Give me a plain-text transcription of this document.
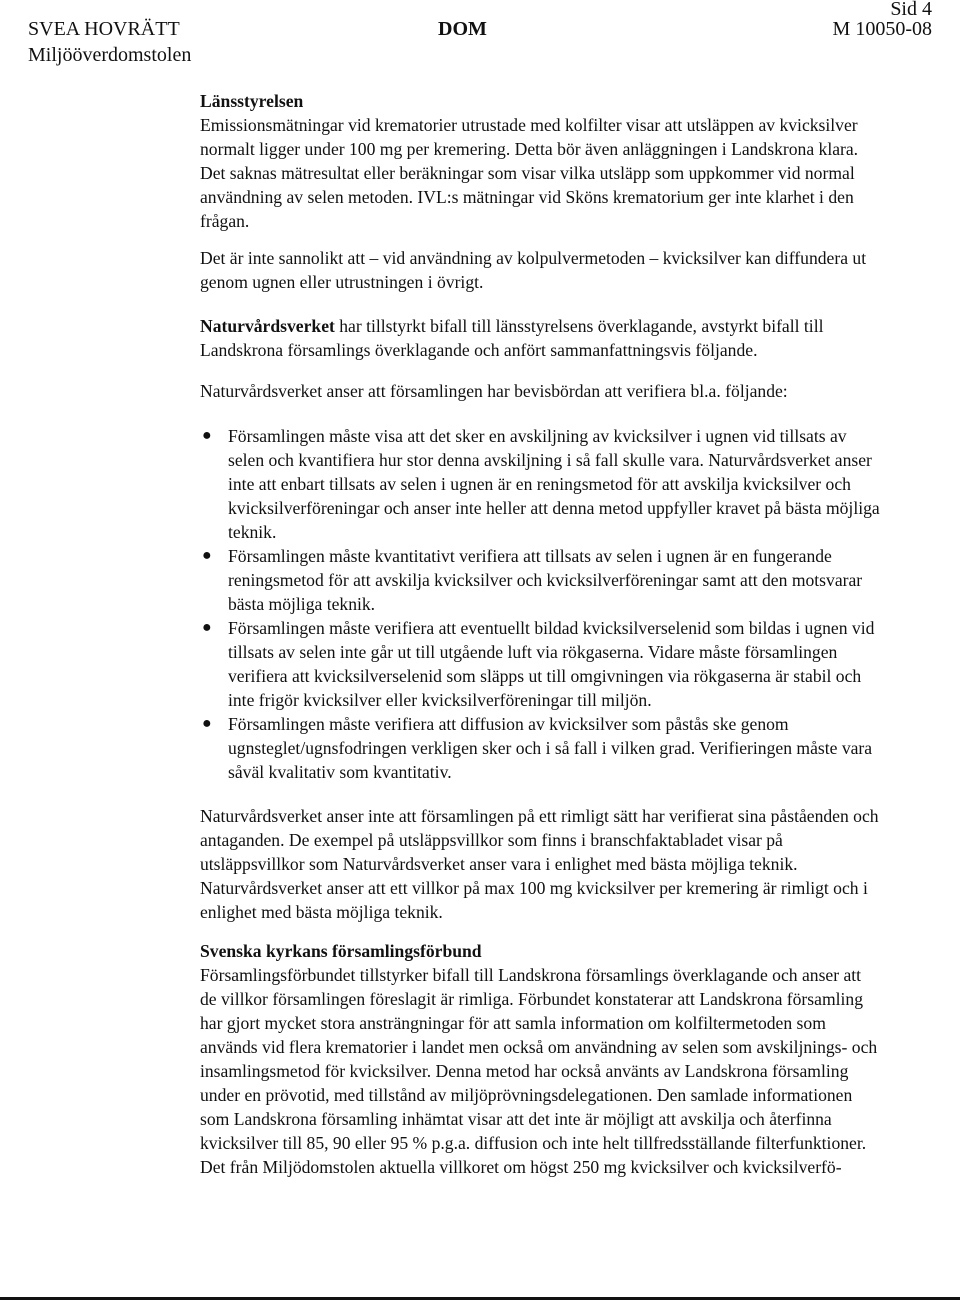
SVEA HOVRÄTT
Miljööverdomstolen
DOM
Sid 4
M 10050-08
Länsstyrelsen

Emissionsmätningar vid krematorier utrustade med kolfilter visar att utsläppen av kvicksilver normalt ligger under 100 mg per kremering. Detta bör även anläggningen i Landskrona klara. Det saknas mätresultat eller beräkningar som visar vilka utsläpp som uppkommer vid normal användning av selen metoden. IVL:s mätningar vid Sköns krematorium ger inte klarhet i den frågan.

Det är inte sannolikt att – vid användning av kolpulvermetoden – kvicksilver kan diffundera ut genom ugnen eller utrustningen i övrigt.

Naturvårdsverket har tillstyrkt bifall till länsstyrelsens överklagande, avstyrkt bifall till Landskrona församlings överklagande och anfört sammanfattningsvis följande.

Naturvårdsverket anser att församlingen har bevisbördan att verifiera bl.a. följande:

● Församlingen måste visa att det sker en avskiljning av kvicksilver i ugnen vid tillsats av selen och kvantifiera hur stor denna avskiljning i så fall skulle vara. Naturvårdsverket anser inte att enbart tillsats av selen i ugnen är en reningsmetod för att avskilja kvicksilver och kvicksilverföreningar och anser inte heller att denna metod uppfyller kravet på bästa möjliga teknik.
● Församlingen måste kvantitativt verifiera att tillsats av selen i ugnen är en fungerande reningsmetod för att avskilja kvicksilver och kvicksilverföreningar samt att den motsvarar bästa möjliga teknik.
● Församlingen måste verifiera att eventuellt bildad kvicksilverselenid som bildas i ugnen vid tillsats av selen inte går ut till utgående luft via rökgaserna. Vidare måste församlingen verifiera att kvicksilverselenid som släpps ut till omgivningen via rökgaserna är stabil och inte frigör kvicksilver eller kvicksilverföreningar till miljön.
● Församlingen måste verifiera att diffusion av kvicksilver som påstås ske genom ugnsteglet/ugnsfodringen verkligen sker och i så fall i vilken grad. Verifieringen måste vara såväl kvalitativ som kvantitativ.

Naturvårdsverket anser inte att församlingen på ett rimligt sätt har verifierat sina påståenden och antaganden. De exempel på utsläppsvillkor som finns i branschfaktabladet visar på utsläppsvillkor som Naturvårdsverket anser vara i enlighet med bästa möjliga teknik. Naturvårdsverket anser att ett villkor på max 100 mg kvicksilver per kremering är rimligt och i enlighet med bästa möjliga teknik.

Svenska kyrkans församlingsförbund

Församlingsförbundet tillstyrker bifall till Landskrona församlings överklagande och anser att de villkor församlingen föreslagit är rimliga. Förbundet konstaterar att Landskrona församling har gjort mycket stora ansträngningar för att samla information om kolfiltermetoden som används vid flera krematorier i landet men också om användning av selen som avskiljnings- och insamlingsmetod för kvicksilver. Denna metod har också använts av Landskrona församling under en prövotid, med tillstånd av miljöprövningsdelegationen. Den samlade informationen som Landskrona församling inhämtat visar att det inte är möjligt att avskilja och återfinna kvicksilver till 85, 90 eller 95 % p.g.a. diffusion och inte helt tillfredsställande filterfunktioner. Det från Miljödomstolen aktuella villkoret om högst 250 mg kvicksilver och kvicksilverfö-
